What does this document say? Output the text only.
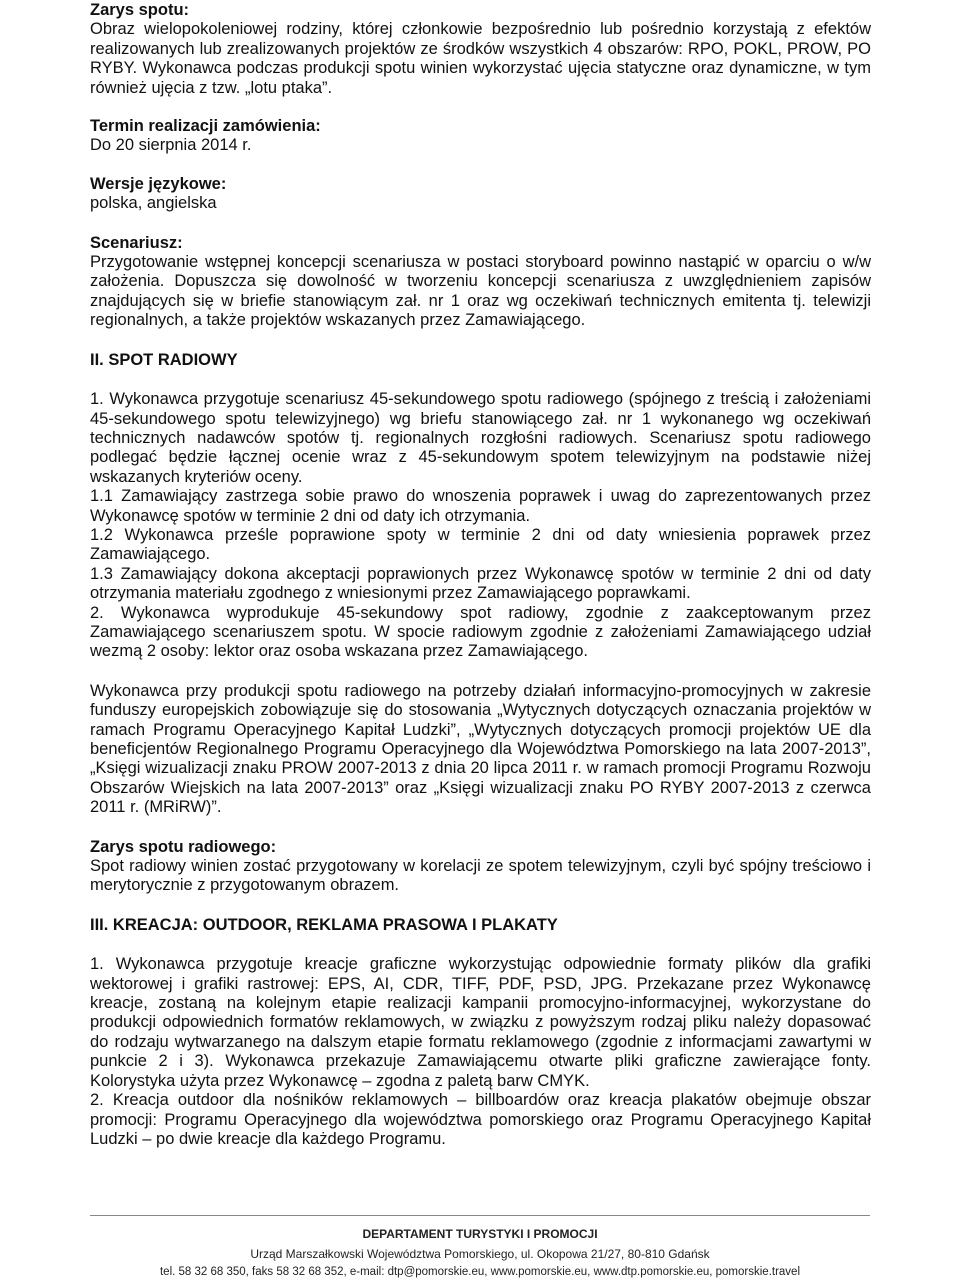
Zarys spotu:

Obraz wielopokoleniowej rodziny, której członkowie bezpośrednio lub pośrednio korzystają z efektów realizowanych lub zrealizowanych projektów ze środków wszystkich 4 obszarów: RPO, POKL, PROW, PO RYBY. Wykonawca podczas produkcji spotu winien wykorzystać ujęcia statyczne oraz dynamiczne, w tym również ujęcia z tzw. „lotu ptaka”.

Termin realizacji zamówienia:

Do 20 sierpnia 2014 r.

Wersje językowe:

polska, angielska

Scenariusz:

Przygotowanie wstępnej koncepcji scenariusza w postaci storyboard powinno nastąpić w oparciu o w/w założenia. Dopuszcza się dowolność w tworzeniu koncepcji scenariusza z uwzględnieniem zapisów znajdujących się w briefie stanowiącym zał. nr 1 oraz wg oczekiwań technicznych emitenta tj. telewizji regionalnych, a także projektów wskazanych przez Zamawiającego.

II. SPOT RADIOWY

1. Wykonawca przygotuje scenariusz 45-sekundowego spotu radiowego (spójnego z treścią i założeniami 45-sekundowego spotu telewizyjnego) wg briefu stanowiącego zał. nr 1 wykonanego wg oczekiwań technicznych nadawców spotów tj. regionalnych rozgłośni radiowych. Scenariusz spotu radiowego podlegać będzie łącznej ocenie wraz z 45-sekundowym spotem telewizyjnym na podstawie niżej wskazanych kryteriów oceny.

1.1 Zamawiający zastrzega sobie prawo do wnoszenia poprawek i uwag do zaprezentowanych przez Wykonawcę spotów w terminie 2 dni od daty ich otrzymania.

1.2 Wykonawca prześle poprawione spoty w terminie 2 dni od daty wniesienia poprawek przez Zamawiającego.

1.3 Zamawiający dokona akceptacji poprawionych przez Wykonawcę spotów w terminie 2 dni od daty otrzymania materiału zgodnego z wniesionymi przez Zamawiającego poprawkami.

2. Wykonawca wyprodukuje 45-sekundowy spot radiowy, zgodnie z zaakceptowanym przez Zamawiającego scenariuszem spotu. W spocie radiowym zgodnie z założeniami Zamawiającego udział wezmą 2 osoby: lektor oraz osoba wskazana przez Zamawiającego.

Wykonawca przy produkcji spotu radiowego na potrzeby działań informacyjno-promocyjnych w zakresie funduszy europejskich zobowiązuje się do stosowania „Wytycznych dotyczących oznaczania projektów w ramach Programu Operacyjnego Kapitał Ludzki”, „Wytycznych dotyczących promocji projektów UE dla beneficjentów Regionalnego Programu Operacyjnego dla Województwa Pomorskiego na lata 2007-2013”, „Księgi wizualizacji znaku PROW 2007-2013 z dnia 20 lipca 2011 r. w ramach promocji Programu Rozwoju Obszarów Wiejskich na lata 2007-2013” oraz „Księgi wizualizacji znaku PO RYBY 2007-2013 z czerwca 2011 r. (MRiRW)”.

Zarys spotu radiowego:

Spot radiowy winien zostać przygotowany w korelacji ze spotem telewizyjnym, czyli być spójny treściowo i merytorycznie z przygotowanym obrazem.

III. KREACJA: OUTDOOR, REKLAMA PRASOWA I PLAKATY

1. Wykonawca przygotuje kreacje graficzne wykorzystując odpowiednie formaty plików dla grafiki wektorowej i grafiki rastrowej: EPS, AI, CDR, TIFF, PDF, PSD, JPG. Przekazane przez Wykonawcę kreacje, zostaną na kolejnym etapie realizacji kampanii promocyjno-informacyjnej, wykorzystane do produkcji odpowiednich formatów reklamowych, w związku z powyższym rodzaj pliku należy dopasować do rodzaju wytwarzanego na dalszym etapie formatu reklamowego (zgodnie z informacjami zawartymi w punkcie 2 i 3). Wykonawca przekazuje Zamawiającemu otwarte pliki graficzne zawierające fonty. Kolorystyka użyta przez Wykonawcę – zgodna z paletą barw CMYK.

2. Kreacja outdoor dla nośników reklamowych – billboardów oraz kreacja plakatów obejmuje obszar promocji: Programu Operacyjnego dla województwa pomorskiego oraz Programu Operacyjnego Kapitał Ludzki – po dwie kreacje dla każdego Programu.

DEPARTAMENT TURYSTYKI I PROMOCJI
Urząd Marszałkowski Województwa Pomorskiego, ul. Okopowa 21/27, 80-810 Gdańsk
tel. 58 32 68 350, faks 58 32 68 352, e-mail: dtp@pomorskie.eu, www.pomorskie.eu, www.dtp.pomorskie.eu, pomorskie.travel
